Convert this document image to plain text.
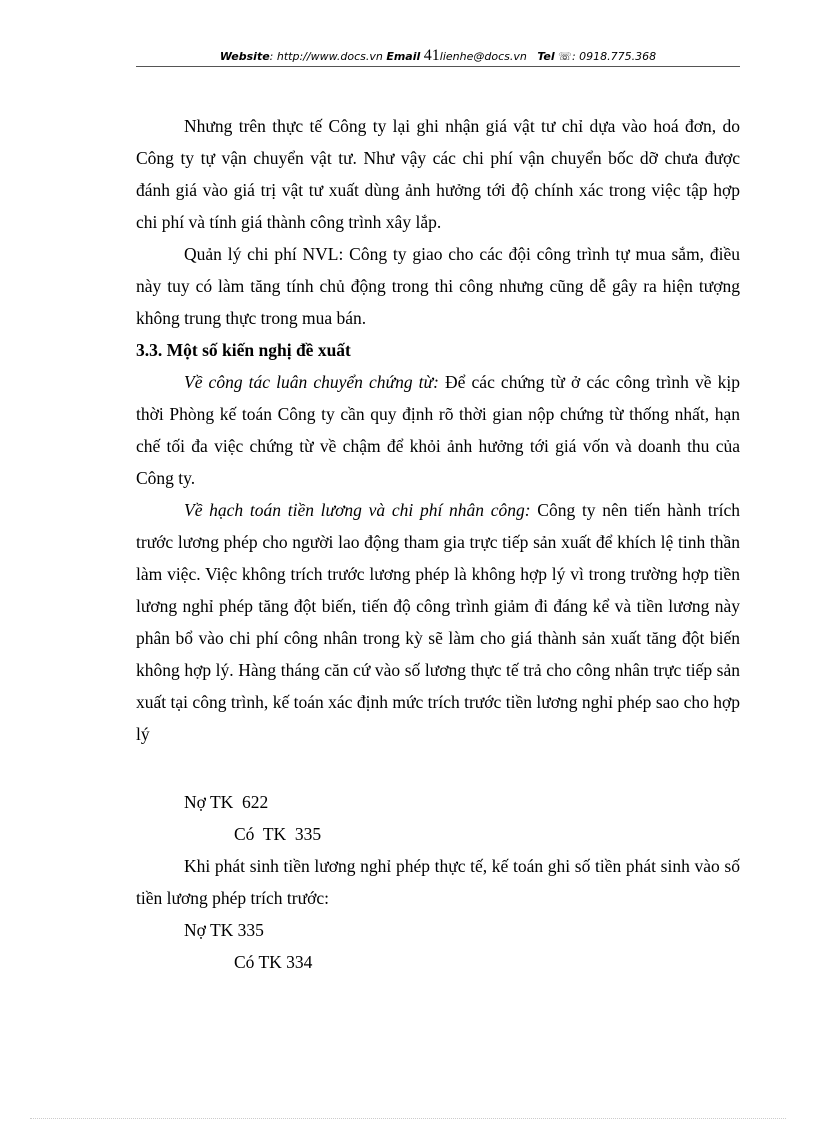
Website: http://www.docs.vn Email 41lienhe@docs.vn Tel ☏: 0918.775.368

Nhưng trên thực tế Công ty lại ghi nhận giá vật tư chỉ dựa vào hoá đơn, do Công ty tự vận chuyển vật tư. Như vậy các chi phí vận chuyển bốc dỡ chưa được đánh giá vào giá trị vật tư xuất dùng ảnh hưởng tới độ chính xác trong việc tập hợp chi phí và tính giá thành công trình xây lắp.

Quản lý chi phí NVL: Công ty giao cho các đội công trình tự mua sắm, điều này tuy có làm tăng tính chủ động trong thi công nhưng cũng dễ gây ra hiện tượng không trung thực trong mua bán.

3.3. Một số kiến nghị đề xuất

Về công tác luân chuyển chứng từ: Để các chứng từ ở các công trình về kịp thời Phòng kế toán Công ty cần quy định rõ thời gian nộp chứng từ thống nhất, hạn chế tối đa việc chứng từ về chậm để khỏi ảnh hưởng tới giá vốn và doanh thu của Công ty.

Về hạch toán tiền lương và chi phí nhân công: Công ty nên tiến hành trích trước lương phép cho người lao động tham gia trực tiếp sản xuất để khích lệ tinh thần làm việc. Việc không trích trước lương phép là không hợp lý vì trong trường hợp tiền lương nghỉ phép tăng đột biến, tiến độ công trình giảm đi đáng kể và tiền lương này phân bổ vào chi phí công nhân trong kỳ sẽ làm cho giá thành sản xuất tăng đột biến không hợp lý. Hàng tháng căn cứ vào số lương thực tế trả cho công nhân trực tiếp sản xuất tại công trình, kế toán xác định mức trích trước tiền lương nghỉ phép sao cho hợp lý

Nợ TK  622
Có  TK  335

Khi phát sinh tiền lương nghỉ phép thực tế, kế toán ghi số tiền phát sinh vào số tiền lương phép trích trước:

Nợ TK 335
Có TK 334
